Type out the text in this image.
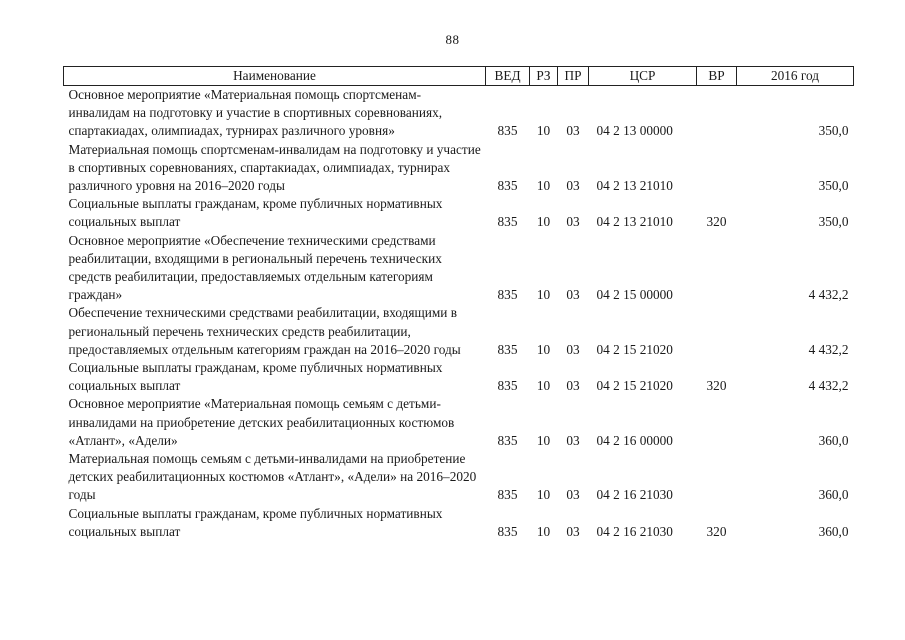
88
Наименование	ВЕД	РЗ	ПР	ЦСР	ВР	2016 год
Основное мероприятие «Материальная помощь спортсменам-инвалидам на подготовку и участие в спортивных соревнованиях, спартакиадах, олимпиадах, турнирах различного уровня»	835	10	03	04 2 13 00000		350,0
Материальная помощь спортсменам-инвалидам на подготовку и участие в спортивных соревнованиях, спартакиадах, олимпиадах, турнирах различного уровня на 2016–2020 годы	835	10	03	04 2 13 21010		350,0
Социальные выплаты гражданам, кроме публичных нормативных социальных выплат	835	10	03	04 2 13 21010	320	350,0
Основное мероприятие «Обеспечение техническими средствами реабилитации, входящими в региональный перечень технических средств реабилитации, предоставляемых отдельным категориям граждан»	835	10	03	04 2 15 00000		4 432,2
Обеспечение техническими средствами реабилитации, входящими в региональный перечень технических средств реабилитации, предоставляемых отдельным категориям граждан на 2016–2020 годы	835	10	03	04 2 15 21020		4 432,2
Социальные выплаты гражданам, кроме публичных нормативных социальных выплат	835	10	03	04 2 15 21020	320	4 432,2
Основное мероприятие «Материальная помощь семьям с детьми-инвалидами на приобретение детских реабилитационных костюмов «Атлант», «Адели»	835	10	03	04 2 16 00000		360,0
Материальная помощь семьям с детьми-инвалидами на приобретение детских реабилитационных костюмов «Атлант», «Адели» на 2016–2020 годы	835	10	03	04 2 16 21030		360,0
Социальные выплаты гражданам, кроме публичных нормативных социальных выплат	835	10	03	04 2 16 21030	320	360,0
